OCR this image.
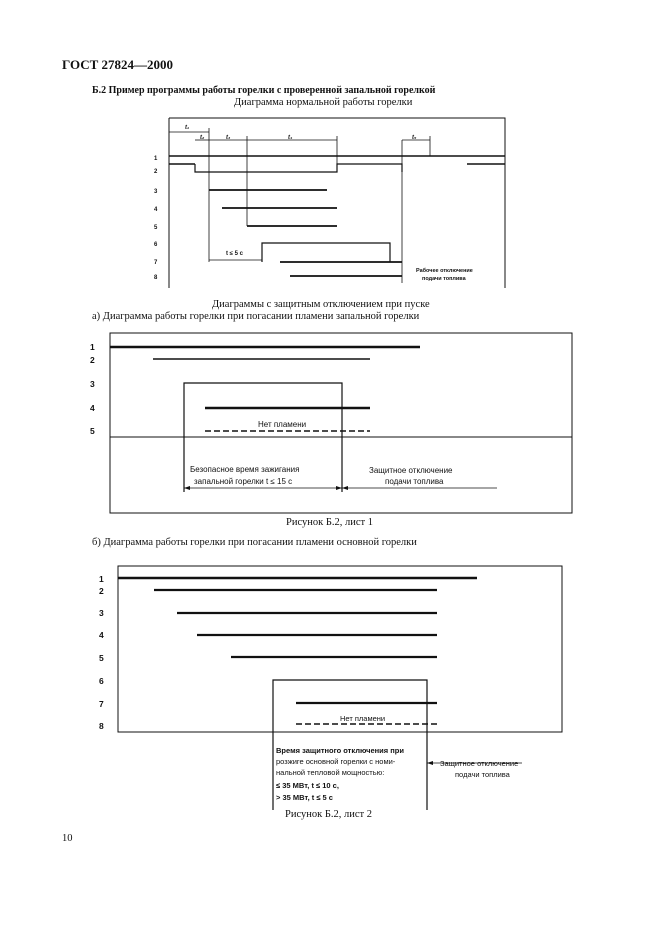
ГОСТ 27824—2000
Б.2 Пример программы работы горелки с проверенной запальной горелкой
Диаграмма нормальной работы горелки
1
2
3
4
5
6
7
8
t₁
t₂	t₃	t₄	t₅
t ≤ 5 с
Рабочее отключение
подачи топлива
Диаграммы с защитным отключением при пуске
а) Диаграмма работы горелки при погасании пламени запальной горелки
1
2
3
4
5
Нет пламени
Безопасное время зажигания
запальной горелки t ≤ 15 с
Защитное отключение
подачи топлива
Рисунок Б.2, лист 1
б) Диаграмма работы горелки при погасании пламени основной горелки
1
2
3
4
5
6
7
8
Нет пламени
Время защитного отключения при
розжиге основной горелки с номи-
нальной тепловой мощностью:
≤ 35 МВт, t ≤ 10 с,
> 35 МВт, t ≤ 5 с
Защитное отключение
подачи топлива
Рисунок Б.2, лист 2
10
